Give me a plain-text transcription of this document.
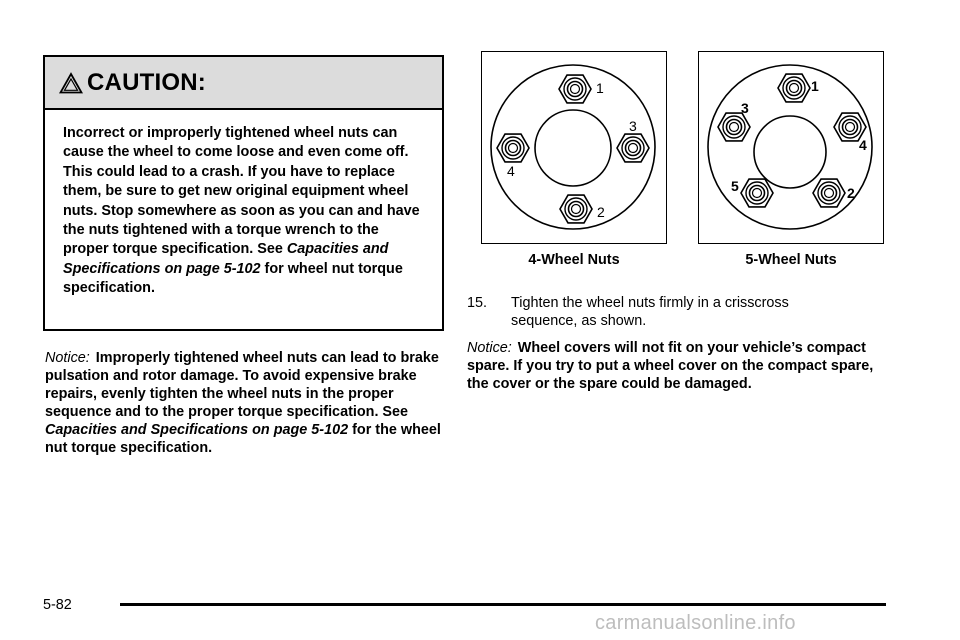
CAUTION:
Incorrect or improperly tightened wheel nuts can cause the wheel to come loose and even come off. This could lead to a crash. If you have to replace them, be sure to get new original equipment wheel nuts. Stop somewhere as soon as you can and have the nuts tightened with a torque wrench to the proper torque specification. See Capacities and Specifications on page 5-102 for wheel nut torque specification.
Notice: Improperly tightened wheel nuts can lead to brake pulsation and rotor damage. To avoid expensive brake repairs, evenly tighten the wheel nuts in the proper sequence and to the proper torque specification. See Capacities and Specifications on page 5-102 for the wheel nut torque specification.
1
2
3
4
1
2
3
4
5
4-Wheel Nuts	5-Wheel Nuts
15. Tighten the wheel nuts firmly in a crisscross
sequence, as shown.
Notice: Wheel covers will not fit on your vehicle’s compact spare. If you try to put a wheel cover on the compact spare, the cover or the spare could be damaged.
5-82
carmanualsonline.info
